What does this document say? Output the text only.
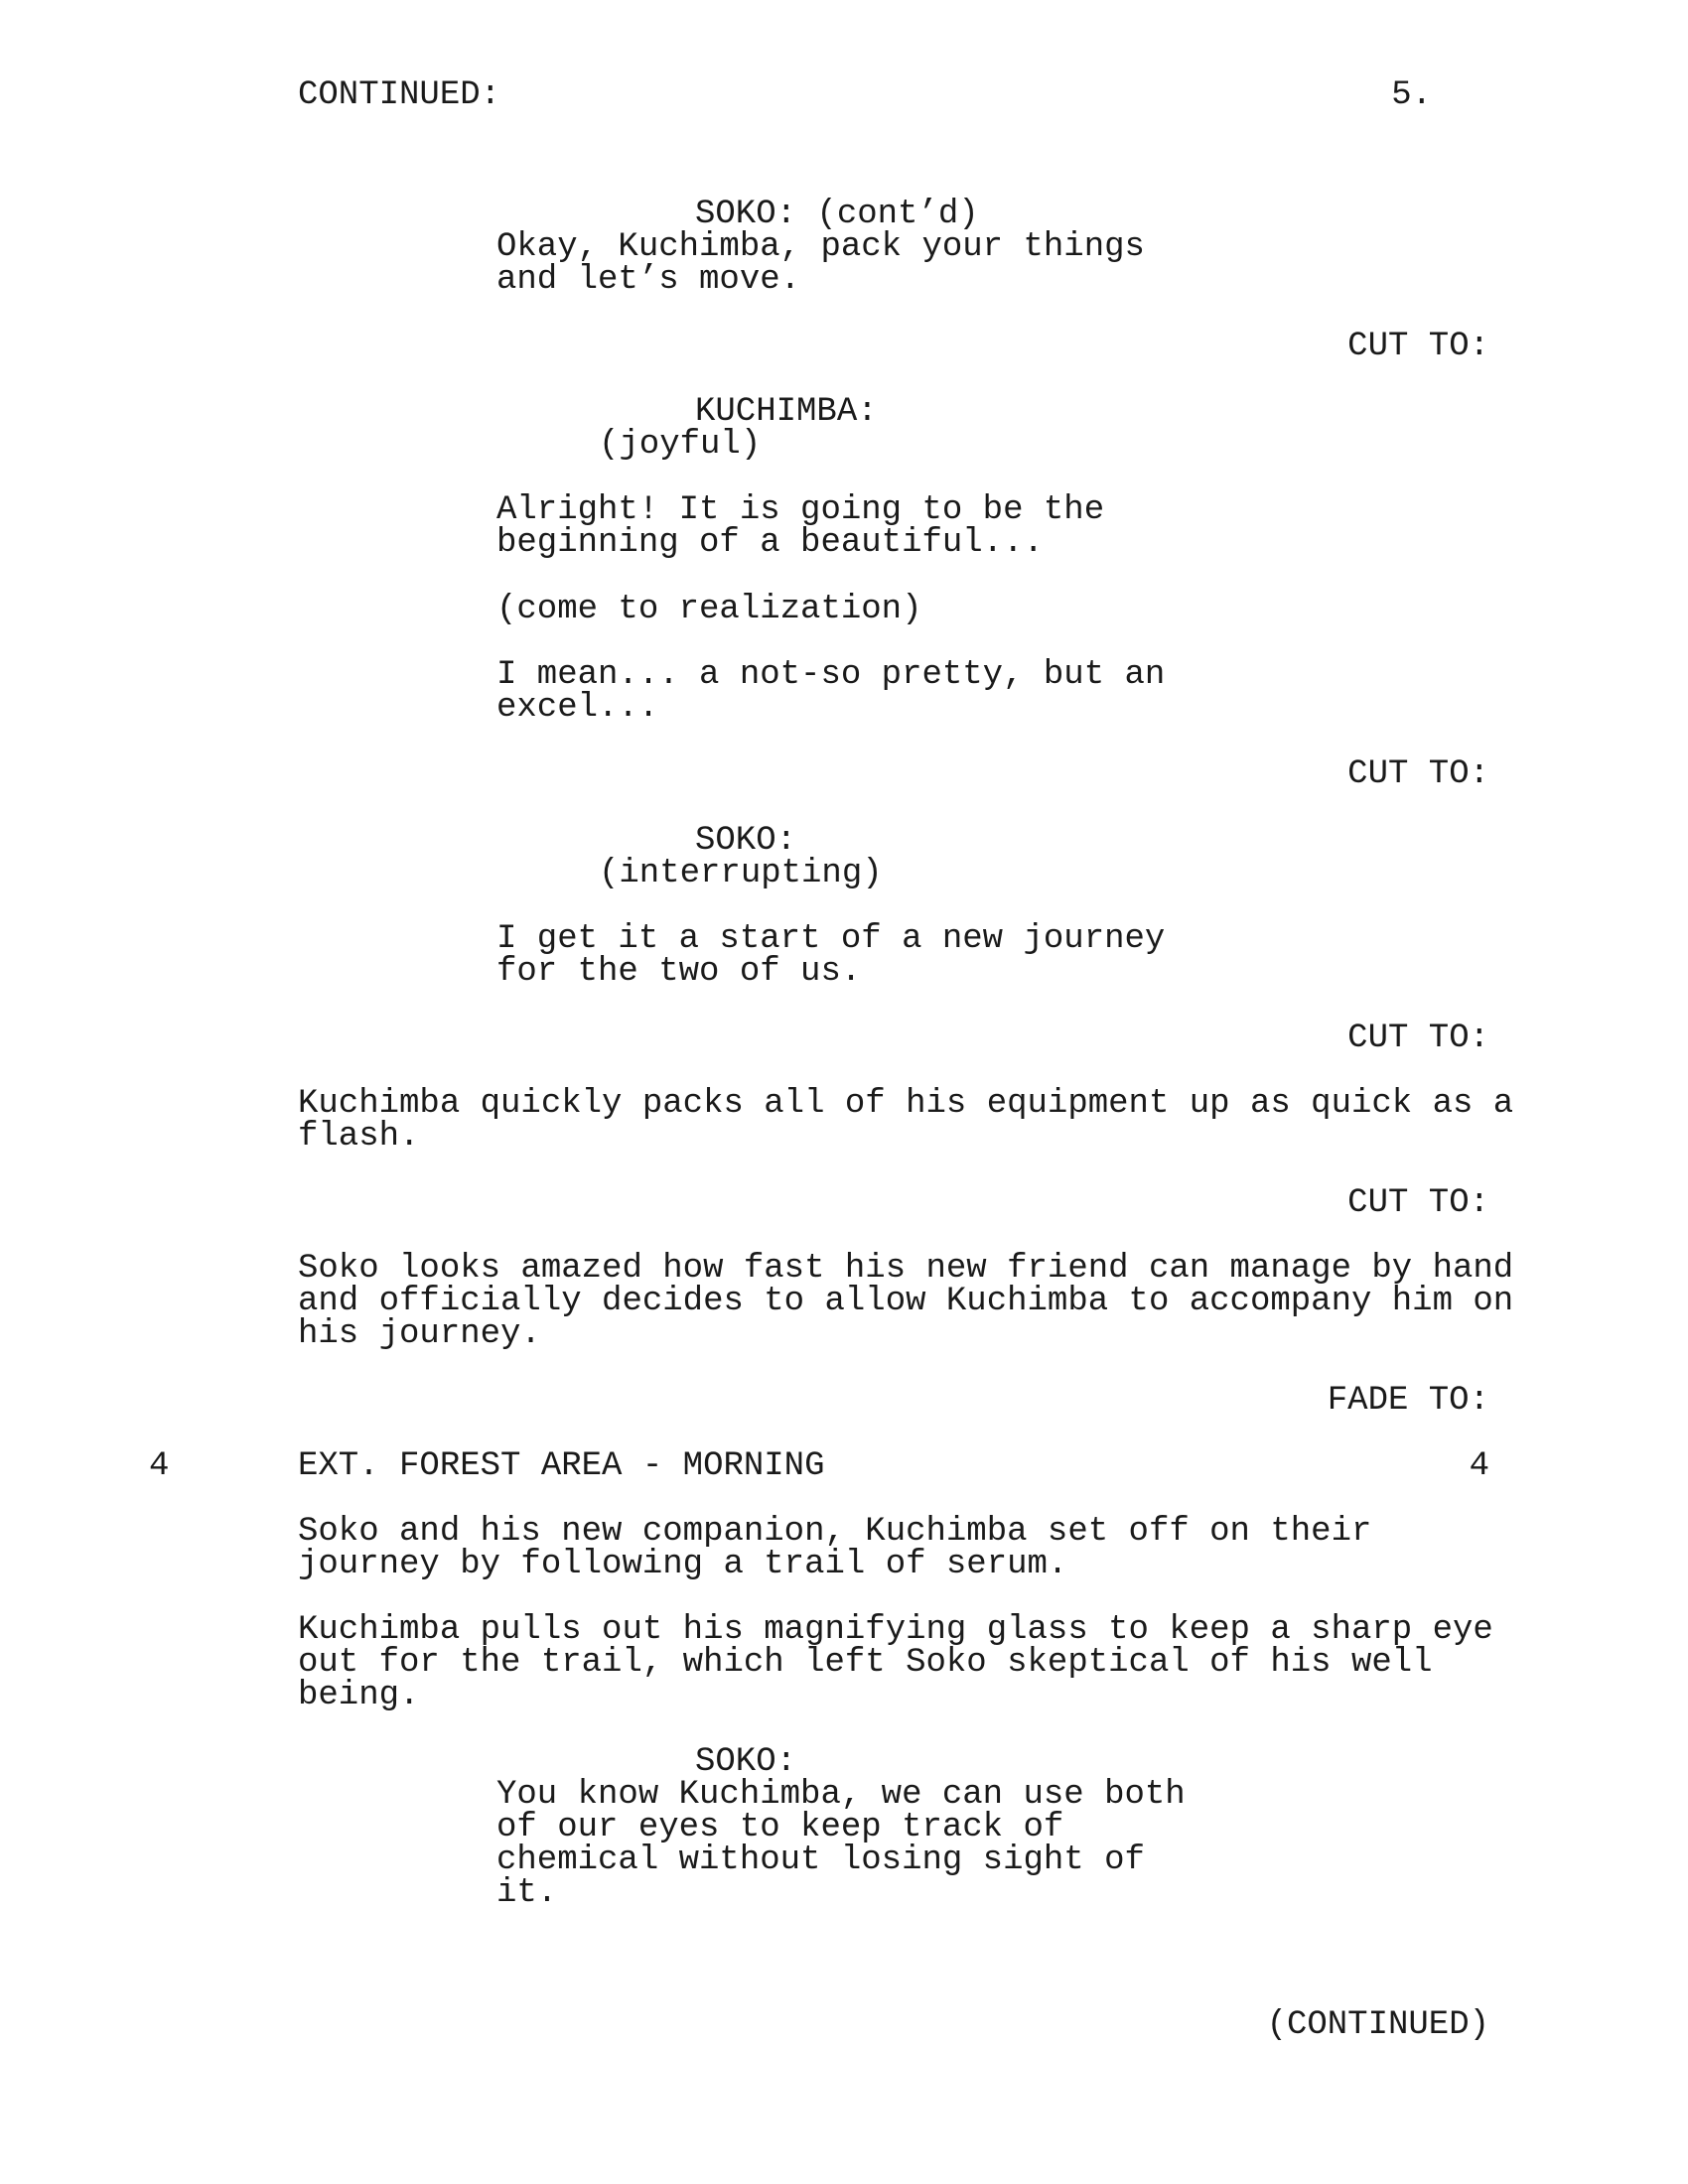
CONTINUED:	5.
SOKO: (cont’d)
Okay, Kuchimba, pack your things
and let’s move.
CUT TO:
KUCHIMBA:
(joyful)
Alright! It is going to be the
beginning of a beautiful...
(come to realization)
I mean... a not-so pretty, but an
excel...
CUT TO:
SOKO:
(interrupting)
I get it a start of a new journey
for the two of us.
CUT TO:
Kuchimba quickly packs all of his equipment up as quick as a
flash.
CUT TO:
Soko looks amazed how fast his new friend can manage by hand
and officially decides to allow Kuchimba to accompany him on
his journey.
FADE TO:
4	EXT. FOREST AREA - MORNING	4
Soko and his new companion, Kuchimba set off on their
journey by following a trail of serum.
Kuchimba pulls out his magnifying glass to keep a sharp eye
out for the trail, which left Soko skeptical of his well
being.
SOKO:
You know Kuchimba, we can use both
of our eyes to keep track of
chemical without losing sight of
it.
(CONTINUED)
